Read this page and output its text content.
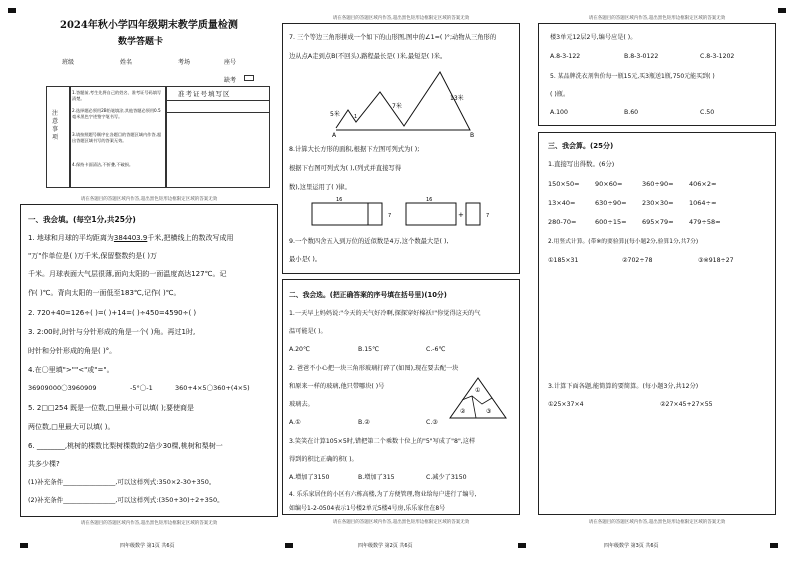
2024年秋小学四年级期末教学质量检测
数学答题卡
班级	姓名	考场	座号
缺考
注意事项
1.答题前,考生先将自己的姓名、准考证号码填写清楚。
2.选择题必须用2B铅笔填涂,其他答题必须用0.5毫米黑色字迹签字笔书写。
3.请按照题号顺序在各题目的答题区域内作答,超出答题区域书写的答案无效。
4.保持卡面清洁,不折叠,不破损。
准考证号填写区
请在各题目的答题区域内作答,超出黑色矩形边框限定区域的答案无效
请在各题目的答题区域内作答,超出黑色矩形边框限定区域的答案无效
一、我会填。(每空1分,共25分)
1. 地球和月球的平均距离为384403.9千米,把横线上的数改写成用
"万"作单位是( )万千米,保留整数约是( )万
千米。月球表面大气层很薄,面向太阳的一面温度高达127℃。记
作( )℃。背向太阳的一面低至183℃,记作( )℃。
2. 720+40=126÷( )=( )+14=( )÷450=4590÷( )
3. 2:00时,时针与分针形成的角是一个( )角。再过1时,
时针和分针形成的角是( )°。
4.在〇里填">""<"或"="。
36909000〇3960909	-5°〇-1	360+4×5〇360+(4×5)
5. 2□□254 既是一位数,□里最小可以填( );要使商是
两位数,□里最大可以填( )。
6. ________,桃树的棵数比梨树棵数的2倍少30棵,桃树和梨树一
共多少棵?
(1)补充条件________________,可以这样列式:350×2-30+350。
(2)补充条件________________,可以这样列式:(350+30)÷2+350。
四年级数学 第1页 共6页
请在各题目的答题区域内作答,超出黑色矩形边框限定区域的答案无效
请在各题目的答题区域内作答,超出黑色矩形边框限定区域的答案无效
7. 三个等边三角形拼成一个如下的山形图,图中的∠1=( )°;动物从三角形的
边从点A走到点B(不回头),路程最长是( )米,最短是( )米。
5米
7米
13米
A	B
1
8.计算大长方形的面积,根据下左图可列式为( );
根据下右图可列式为( ),(列式并直接写得
数),这里运用了( )律。
16
7	+
16
7
9.一个数四舍五入到万位的近似数是4万,这个数最大是( ),
最小是( )。
二、我会选。(把正确答案的序号填在括号里)(10分)
1.一天早上妈妈说:"今天的天气好冷啊,探探穿好棉袄!"你觉得这天的气
温可能是( )。
A.20℃	B.15℃	C.-6℃
2. 爸爸不小心把一块三角形玻璃打碎了(如图),现在要去配一块
和原来一样的玻璃,他只带哪块( )号
玻璃去。
①
②	③
A.①	B.②	C.③
3.笑笑在计算105×5时,错把第二个乘数十位上的"5"写成了"8",这样
得到的积比正确的积( )。
A.增加了3150	B.增加了315	C.减少了3150
4. 乐乐家居住的小区有六栋高楼,为了方便管理,物业给每户进行了编号,
如编号1-2-0504表示1号楼2单元5楼4号房,乐乐家住在8号
四年级数学 第2页 共6页
请在各题目的答题区域内作答,超出黑色矩形边框限定区域的答案无效
请在各题目的答题区域内作答,超出黑色矩形边框限定区域的答案无效
楼3单元12层2号,编号应是( )。
A.8-3-122	B.8-3-0122	C.8-3-1202
5. 某品牌洗衣剂售价每一瓶15元,买3瓶送1瓶,750元能买到( )
( )瓶。
A.100	B.60	C.50
三、我会算。(25分)
1.直接写出得数。(6分)
150×50=	90×60=	360÷90=	406×2≈
13×40=	630÷90=	230×30=	1064÷≈
280-70=	600÷15=	695×79≈	479÷58≈
2.用竖式计算。(带※的要验算)(每小题2分,验算1分,共7分)
①185×31	②702÷78	③※918÷27
3.计算下面各题,能简算的要简算。(每小题3分,共12分)
①25×37×4	②27×45+27×55
四年级数学 第3页 共6页
